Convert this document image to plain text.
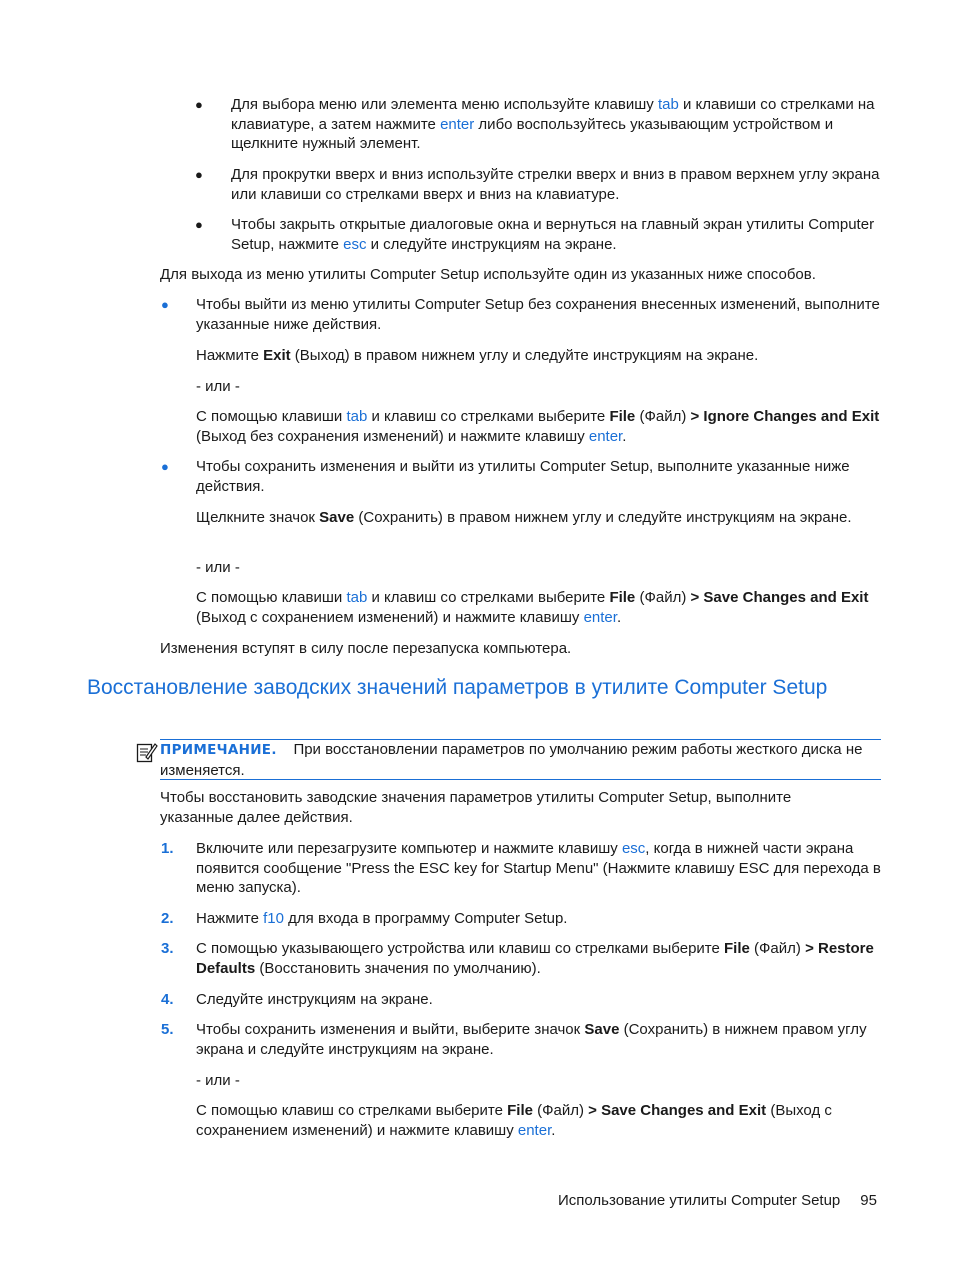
● Для выбора меню или элемента меню используйте клавишу tab и клавиши со стрелками на клавиатуре, а затем нажмите enter либо воспользуйтесь указывающим устройством и щелкните нужный элемент.

● Для прокрутки вверх и вниз используйте стрелки вверх и вниз в правом верхнем углу экрана или клавиши со стрелками вверх и вниз на клавиатуре.

● Чтобы закрыть открытые диалоговые окна и вернуться на главный экран утилиты Computer Setup, нажмите esc и следуйте инструкциям на экране.

Для выхода из меню утилиты Computer Setup используйте один из указанных ниже способов.

● Чтобы выйти из меню утилиты Computer Setup без сохранения внесенных изменений, выполните указанные ниже действия.

Нажмите Exit (Выход) в правом нижнем углу и следуйте инструкциям на экране.

- или -

С помощью клавиши tab и клавиш со стрелками выберите File (Файл) > Ignore Changes and Exit (Выход без сохранения изменений) и нажмите клавишу enter.

● Чтобы сохранить изменения и выйти из утилиты Computer Setup, выполните указанные ниже действия.

Щелкните значок Save (Сохранить) в правом нижнем углу и следуйте инструкциям на экране.

- или -

С помощью клавиши tab и клавиш со стрелками выберите File (Файл) > Save Changes and Exit (Выход с сохранением изменений) и нажмите клавишу enter.

Изменения вступят в силу после перезапуска компьютера.

Восстановление заводских значений параметров в утилите Computer Setup

ПРИМЕЧАНИЕ. При восстановлении параметров по умолчанию режим работы жесткого диска не изменяется.

Чтобы восстановить заводские значения параметров утилиты Computer Setup, выполните указанные далее действия.

1. Включите или перезагрузите компьютер и нажмите клавишу esc, когда в нижней части экрана появится сообщение "Press the ESC key for Startup Menu" (Нажмите клавишу ESC для перехода в меню запуска).

2. Нажмите f10 для входа в программу Computer Setup.

3. С помощью указывающего устройства или клавиш со стрелками выберите File (Файл) > Restore Defaults (Восстановить значения по умолчанию).

4. Следуйте инструкциям на экране.

5. Чтобы сохранить изменения и выйти, выберите значок Save (Сохранить) в нижнем правом углу экрана и следуйте инструкциям на экране.

- или -

С помощью клавиш со стрелками выберите File (Файл) > Save Changes and Exit (Выход с сохранением изменений) и нажмите клавишу enter.

Использование утилиты Computer Setup 95
